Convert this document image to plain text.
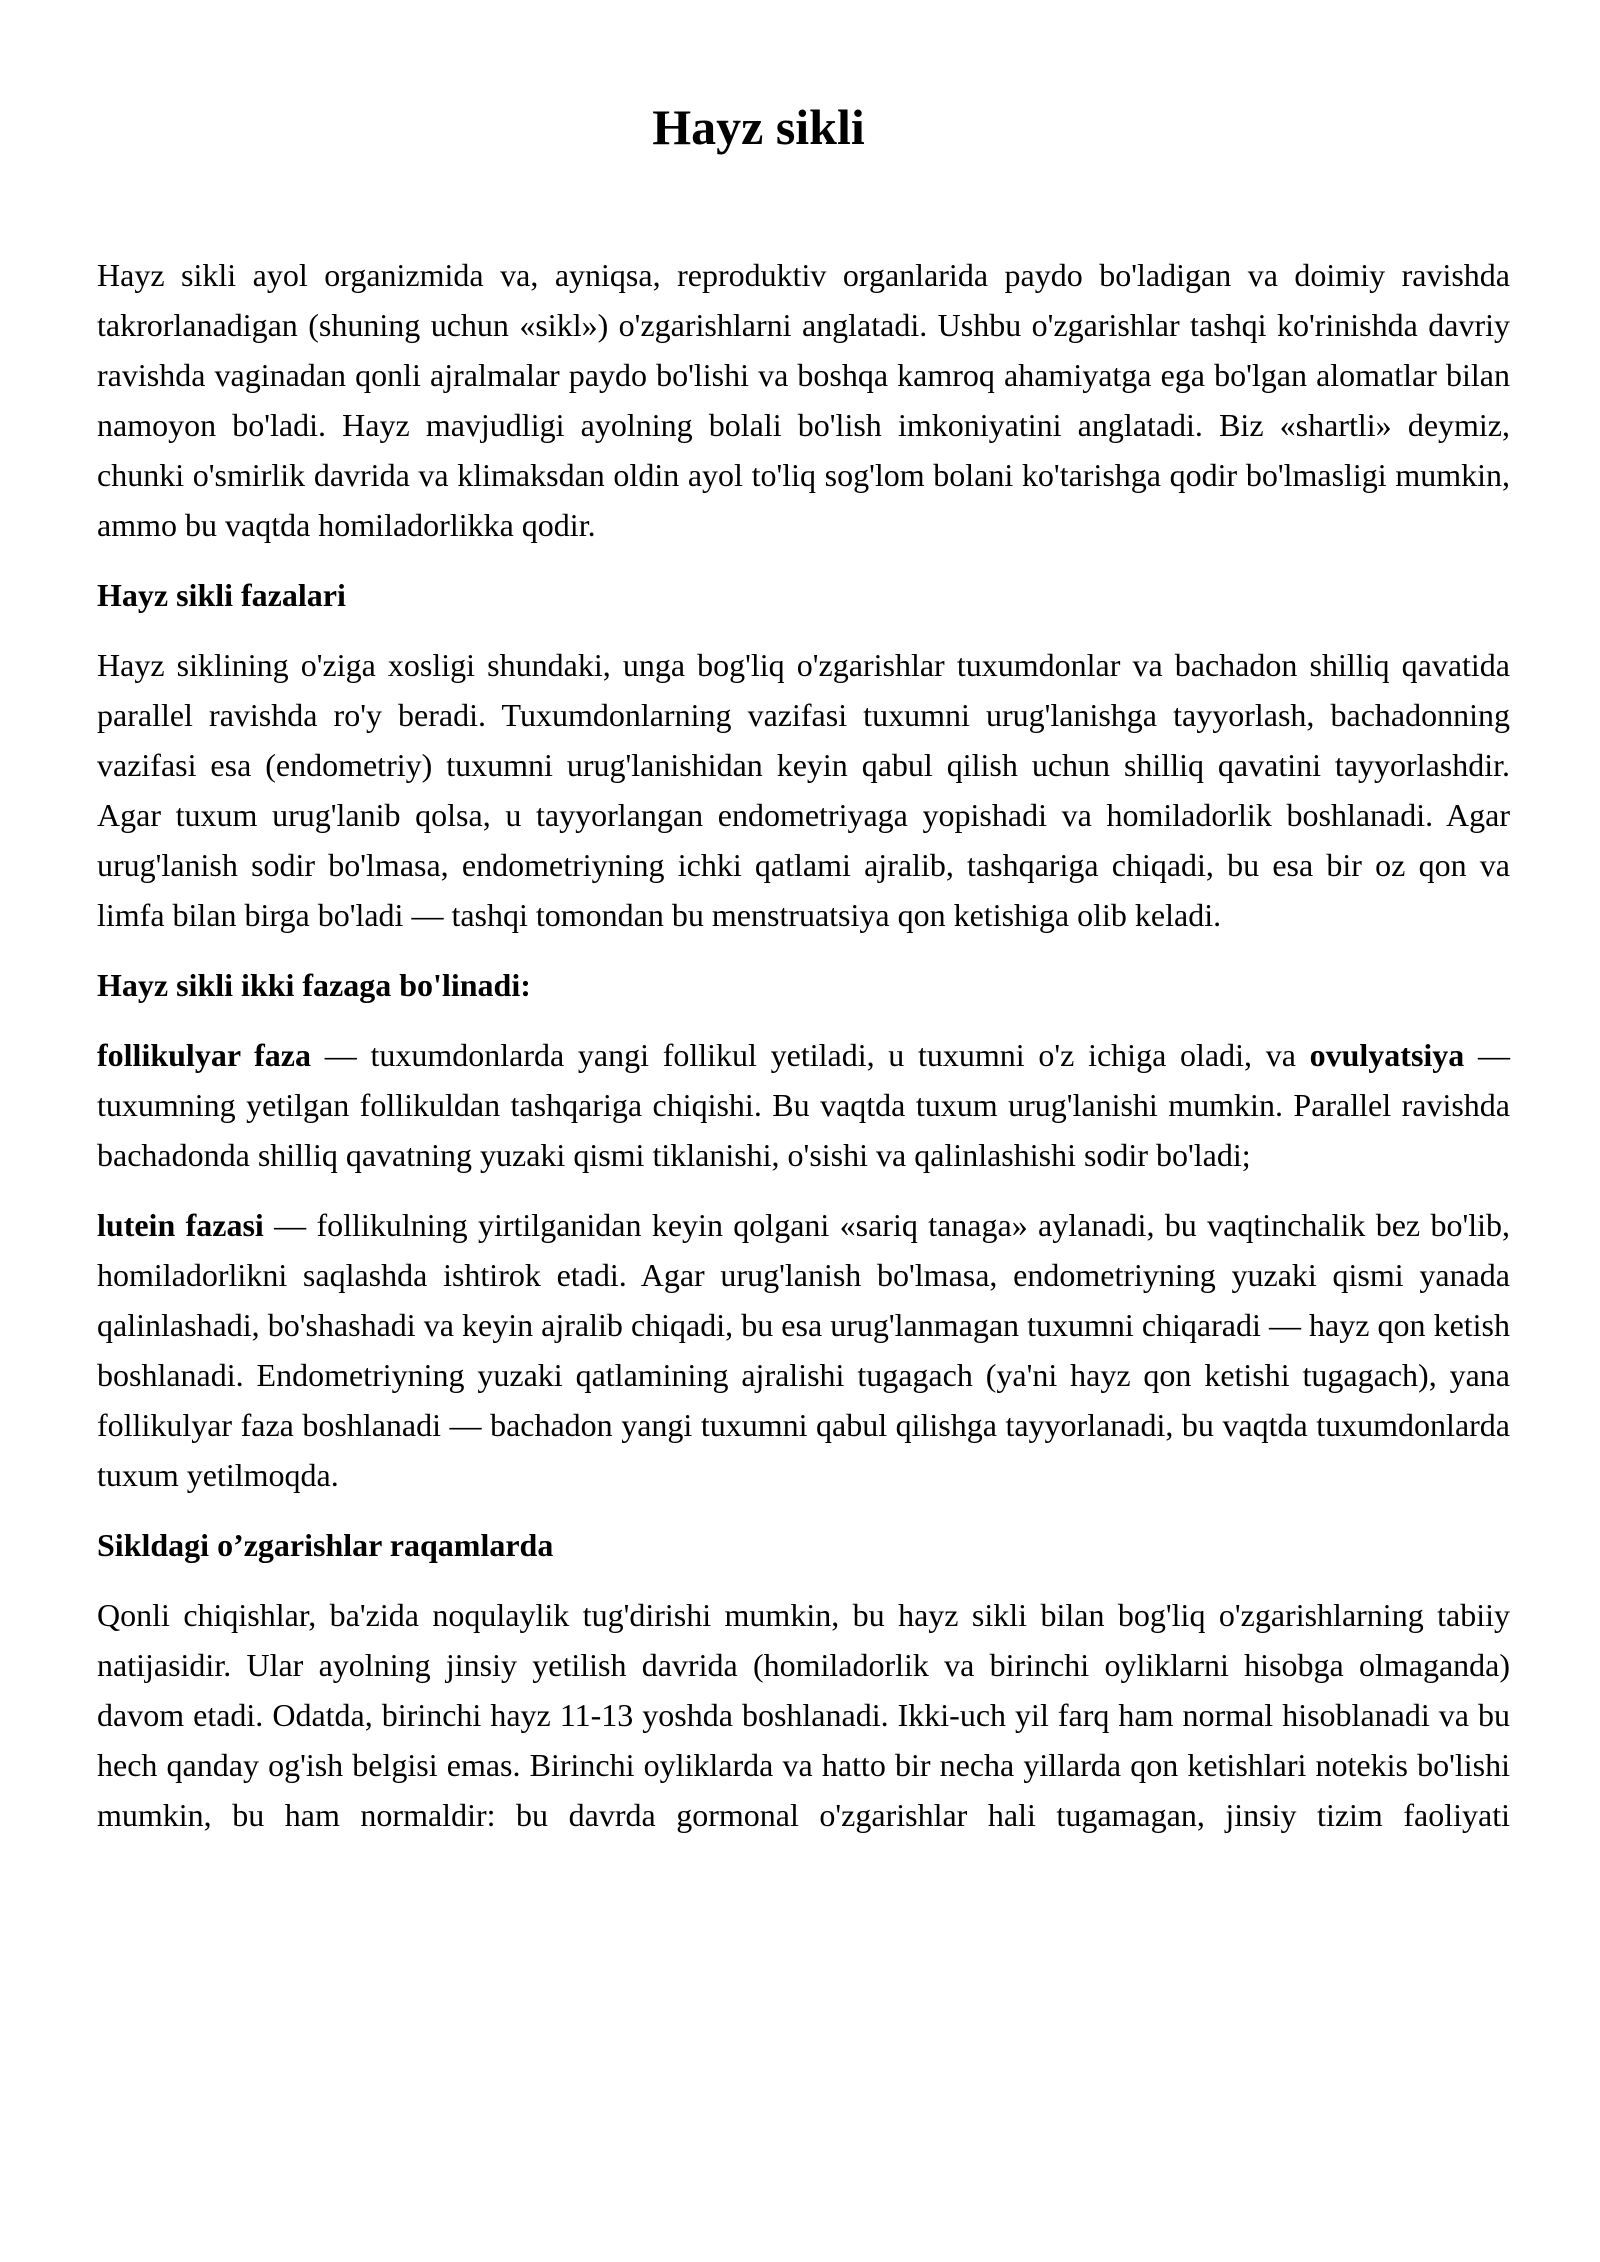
Hayz sikli

Hayz sikli ayol organizmida va, ayniqsa, reproduktiv organlarida paydo bo'ladigan va doimiy ravishda takrorlanadigan (shuning uchun «sikl») o'zgarishlarni anglatadi. Ushbu o'zgarishlar tashqi ko'rinishda davriy ravishda vaginadan qonli ajralmalar paydo bo'lishi va boshqa kamroq ahamiyatga ega bo'lgan alomatlar bilan namoyon bo'ladi. Hayz mavjudligi ayolning bolali bo'lish imkoniyatini anglatadi. Biz «shartli» deymiz, chunki o'smirlik davrida va klimaksdan oldin ayol to'liq sog'lom bolani ko'tarishga qodir bo'lmasligi mumkin, ammo bu vaqtda homiladorlikka qodir.

Hayz sikli fazalari

Hayz siklining o'ziga xosligi shundaki, unga bog'liq o'zgarishlar tuxumdonlar va bachadon shilliq qavatida parallel ravishda ro'y beradi. Tuxumdonlarning vazifasi tuxumni urug'lanishga tayyorlash, bachadonning vazifasi esa (endometriy) tuxumni urug'lanishidan keyin qabul qilish uchun shilliq qavatini tayyorlashdir. Agar tuxum urug'lanib qolsa, u tayyorlangan endometriyaga yopishadi va homiladorlik boshlanadi. Agar urug'lanish sodir bo'lmasa, endometriyning ichki qatlami ajralib, tashqariga chiqadi, bu esa bir oz qon va limfa bilan birga bo'ladi — tashqi tomondan bu menstruatsiya qon ketishiga olib keladi.

Hayz sikli ikki fazaga bo'linadi:

follikulyar faza — tuxumdonlarda yangi follikul yetiladi, u tuxumni o'z ichiga oladi, va ovulyatsiya — tuxumning yetilgan follikuldan tashqariga chiqishi. Bu vaqtda tuxum urug'lanishi mumkin. Parallel ravishda bachadonda shilliq qavatning yuzaki qismi tiklanishi, o'sishi va qalinlashishi sodir bo'ladi;

lutein fazasi — follikulning yirtilganidan keyin qolgani «sariq tanaga» aylanadi, bu vaqtinchalik bez bo'lib, homiladorlikni saqlashda ishtirok etadi. Agar urug'lanish bo'lmasa, endometriyning yuzaki qismi yanada qalinlashadi, bo'shashadi va keyin ajralib chiqadi, bu esa urug'lanmagan tuxumni chiqaradi — hayz qon ketish boshlanadi. Endometriyning yuzaki qatlamining ajralishi tugagach (ya'ni hayz qon ketishi tugagach), yana follikulyar faza boshlanadi — bachadon yangi tuxumni qabul qilishga tayyorlanadi, bu vaqtda tuxumdonlarda tuxum yetilmoqda.

Sikldagi o’zgarishlar raqamlarda

Qonli chiqishlar, ba'zida noqulaylik tug'dirishi mumkin, bu hayz sikli bilan bog'liq o'zgarishlarning tabiiy natijasidir. Ular ayolning jinsiy yetilish davrida (homiladorlik va birinchi oyliklarni hisobga olmaganda) davom etadi. Odatda, birinchi hayz 11-13 yoshda boshlanadi. Ikki-uch yil farq ham normal hisoblanadi va bu hech qanday og'ish belgisi emas. Birinchi oyliklarda va hatto bir necha yillarda qon ketishlari notekis bo'lishi mumkin, bu ham normaldir: bu davrda gormonal o'zgarishlar hali tugamagan, jinsiy tizim faoliyati
